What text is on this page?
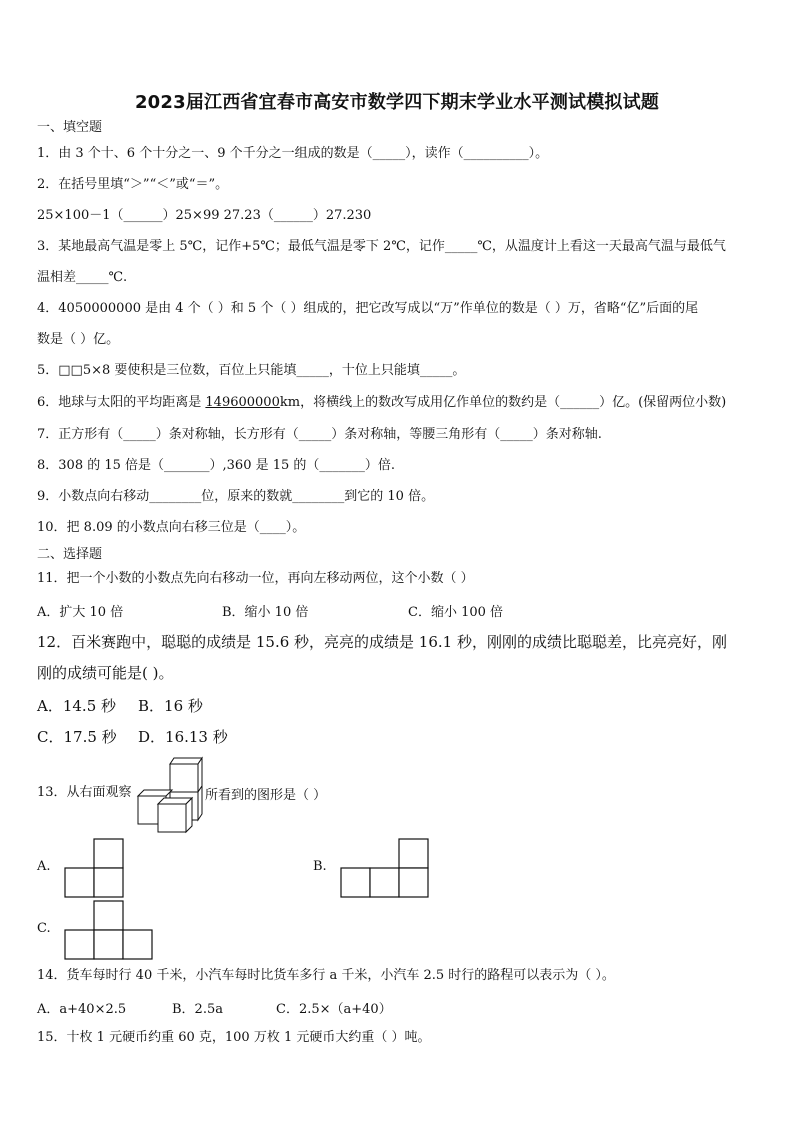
2023届江西省宜春市高安市数学四下期末学业水平测试模拟试题
一、填空题
1．由 3 个十、6 个十分之一、9 个千分之一组成的数是（_____），读作（__________）。
2．在括号里填“＞”“＜”或“＝”。
25×100－1（______）25×99 27.23（______）27.230
3．某地最高气温是零上 5℃，记作+5℃；最低气温是零下 2℃，记作_____℃，从温度计上看这一天最高气温与最低气
温相差_____℃.
4．4050000000 是由 4 个（ ）和 5 个（ ）组成的，把它改写成以“万”作单位的数是（ ）万，省略“亿”后面的尾
数是（ ）亿。
5．□□5×8 要使积是三位数，百位上只能填_____，十位上只能填_____。
6．地球与太阳的平均距离是 149600000km，将横线上的数改写成用亿作单位的数约是（______）亿。(保留两位小数)
7．正方形有（_____）条对称轴，长方形有（_____）条对称轴，等腰三角形有（_____）条对称轴.
8．308 的 15 倍是（_______）,360 是 15 的（_______）倍.
9．小数点向右移动________位，原来的数就________到它的 10 倍。
10．把 8.09 的小数点向右移三位是（____）。
二、选择题
11．把一个小数的小数点先向右移动一位，再向左移动两位，这个小数（ ）
A．扩大 10 倍	B．缩小 10 倍	C．缩小 100 倍
12．百米赛跑中，聪聪的成绩是 15.6 秒，亮亮的成绩是 16.1 秒，刚刚的成绩比聪聪差，比亮亮好，刚
刚的成绩可能是( )。
A．14.5 秒 B．16 秒
C．17.5 秒 D．16.13 秒
13．从右面观察	所看到的图形是（ ）
A.	B.
C.
14．货车每时行 40 千米，小汽车每时比货车多行 a 千米，小汽车 2.5 时行的路程可以表示为（ ）。
A．a+40×2.5	B．2.5a	C．2.5×（a+40）
15．十枚 1 元硬币约重 60 克，100 万枚 1 元硬币大约重（ ）吨。
